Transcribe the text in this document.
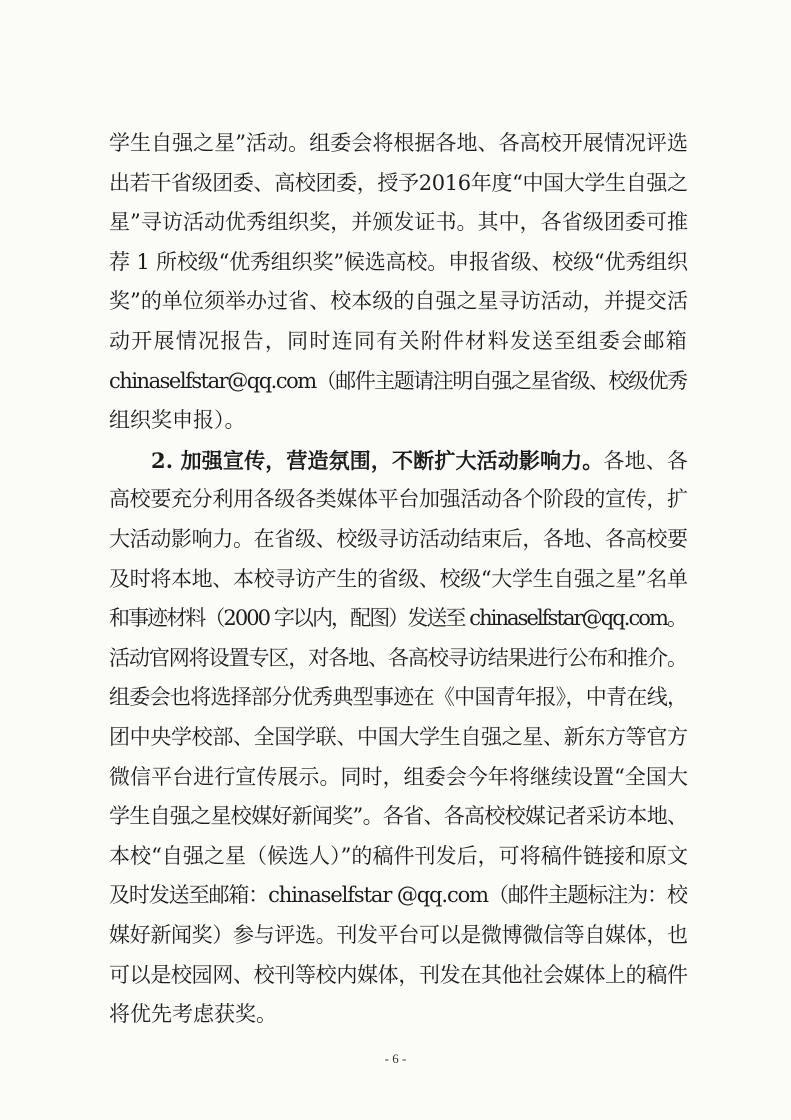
学生自强之星”活动。组委会将根据各地、各高校开展情况评选
出若干省级团委、高校团委，授予2016年度“中国大学生自强之
星”寻访活动优秀组织奖，并颁发证书。其中，各省级团委可推
荐 1 所校级“优秀组织奖”候选高校。申报省级、校级“优秀组织
奖”的单位须举办过省、校本级的自强之星寻访活动，并提交活
动开展情况报告，同时连同有关附件材料发送至组委会邮箱
chinaselfstar@qq.com（邮件主题请注明自强之星省级、校级优秀
组织奖申报）。
2. 加强宣传，营造氛围，不断扩大活动影响力。各地、各
高校要充分利用各级各类媒体平台加强活动各个阶段的宣传，扩
大活动影响力。在省级、校级寻访活动结束后，各地、各高校要
及时将本地、本校寻访产生的省级、校级“大学生自强之星”名单
和事迹材料（2000 字以内，配图）发送至 chinaselfstar@qq.com。
活动官网将设置专区，对各地、各高校寻访结果进行公布和推介。
组委会也将选择部分优秀典型事迹在《中国青年报》，中青在线，
团中央学校部、全国学联、中国大学生自强之星、新东方等官方
微信平台进行宣传展示。同时，组委会今年将继续设置“全国大
学生自强之星校媒好新闻奖”。各省、各高校校媒记者采访本地、
本校“自强之星（候选人）”的稿件刊发后，可将稿件链接和原文
及时发送至邮箱：chinaselfstar @qq.com（邮件主题标注为：校
媒好新闻奖）参与评选。刊发平台可以是微博微信等自媒体，也
可以是校园网、校刊等校内媒体，刊发在其他社会媒体上的稿件
将优先考虑获奖。
- 6 -
